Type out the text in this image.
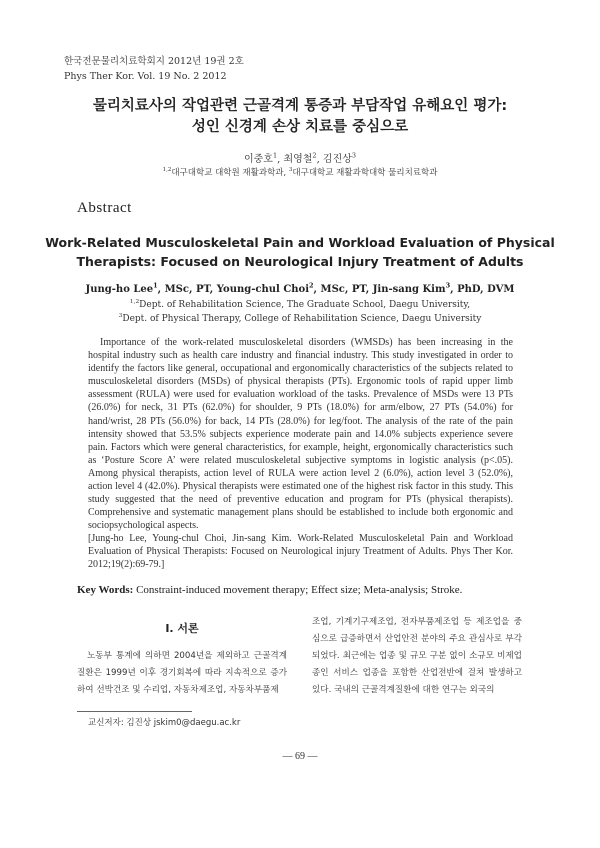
한국전문물리치료학회지 2012년 19권 2호
Phys Ther Kor. Vol. 19 No. 2 2012
물리치료사의 작업관련 근골격계 통증과 부담작업 유해요인 평가:
성인 신경계 손상 치료를 중심으로
이중호$^1$, 최영철$^2$, 김진상$^3$
$^{1,2}$대구대학교 대학원 재활과학과, $^3$대구대학교 재활과학대학 물리치료학과
Abstract
Work-Related Musculoskeletal Pain and Workload Evaluation of Physical
Therapists: Focused on Neurological Injury Treatment of Adults
Jung-ho Lee$^1$, MSc, PT, Young-chul Choi$^2$, MSc, PT, Jin-sang Kim$^3$, PhD, DVM
$^{1,2}$Dept. of Rehabilitation Science, The Graduate School, Daegu University,
$^3$Dept. of Physical Therapy, College of Rehabilitation Science, Daegu University

Importance of the work-related musculoskeletal disorders (WMSDs) has been increasing in the hospital industry such as health care industry and financial industry. This study investigated in order to identify the factors like general, occupational and ergonomically characteristics of the subjects related to musculoskeletal disorders (MSDs) of physical therapists (PTs). Ergonomic tools of rapid upper limb assessment (RULA) were used for evaluation workload of the tasks. Prevalence of MSDs were 13 PTs (26.0%) for neck, 31 PTs (62.0%) for shoulder, 9 PTs (18.0%) for arm/elbow, 27 PTs (54.0%) for hand/wrist, 28 PTs (56.0%) for back, 14 PTs (28.0%) for leg/foot. The analysis of the rate of the pain intensity showed that 53.5% subjects experience moderate pain and 14.0% subjects experience severe pain. Factors which were general characteristics, for example, height, ergonomically characteristics such as ‘Posture Score A’ were related musculoskeletal subjective symptoms in logistic analysis (p<.05). Among physical therapists, action level of RULA were action level 2 (6.0%), action level 3 (52.0%), action level 4 (42.0%). Physical therapists were estimated one of the highest risk factor in this study. This study suggested that the need of preventive education and program for PTs (physical therapists). Comprehensive and systematic management plans should be established to include both ergonomic and sociopsychological aspects.

[Jung-ho Lee, Young-chul Choi, Jin-sang Kim. Work-Related Musculoskeletal Pain and Workload Evaluation of Physical Therapists: Focused on Neurological injury Treatment of Adults. Phys Ther Kor. 2012;19(2):69-79.]
Key Words: Constraint-induced movement therapy; Effect size; Meta-analysis; Stroke.
Ⅰ. 서론

노동부 통계에 의하면 2004년을 제외하고 근골격계 질환은 1999년 이후 경기회복에 따라 지속적으로 증가하여 선박건조 및 수리업, 자동차제조업, 자동차부품제

조업, 기계기구제조업, 전자부품제조업 등 제조업을 중심으로 급증하면서 산업안전 분야의 주요 관심사로 부각되었다. 최근에는 업종 및 규모 구분 없이 소규모 비제업종인 서비스 업종을 포함한 산업전반에 걸쳐 발생하고 있다. 국내의 근골격계질환에 대한 연구는 외국의

교신저자: 김진상 jskim0@daegu.ac.kr
― 69 ―
